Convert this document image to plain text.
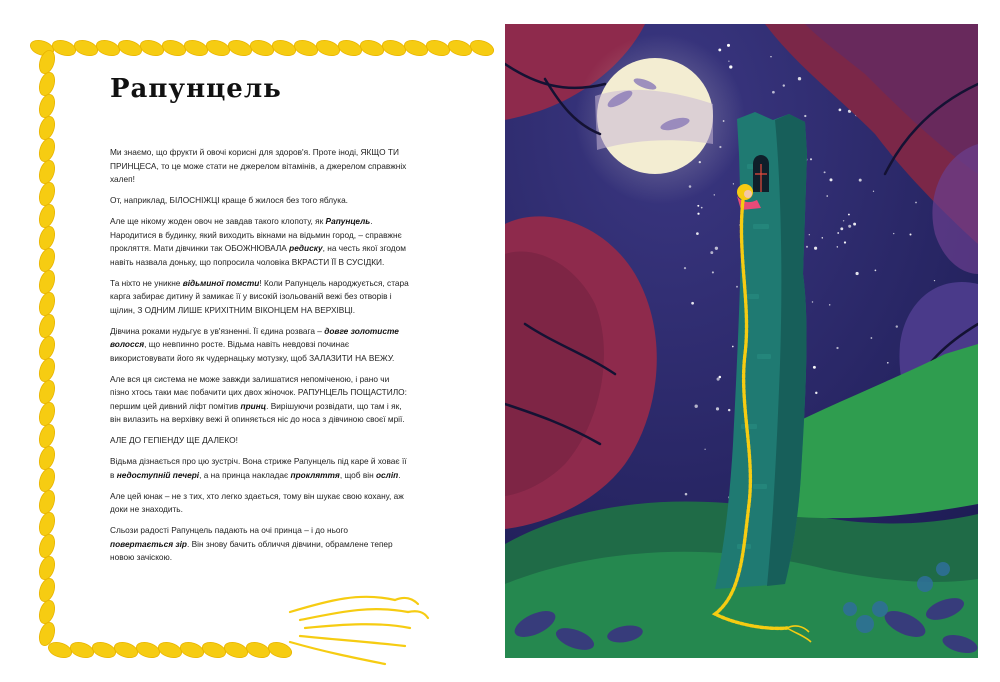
Рапунцель

Ми знаємо, що фрукти й овочі корисні для здоров'я. Проте іноді, ЯКЩО ТИ ПРИНЦЕСА, то це може стати не джерелом вітамінів, а джерелом справжніх халеп!

От, наприклад, БІЛОСНІЖЦІ краще б жилося без того яблука.

Але ще нікому жоден овоч не завдав такого клопоту, як Рапунцель. Народитися в будинку, який виходить вікнами на відьмин город, – справжнє прокляття. Мати дівчинки так ОБОЖНЮВАЛА редиску, на честь якої згодом навіть назвала доньку, що попросила чоловіка ВКРАСТИ ЇЇ В СУСІДКИ.

Та ніхто не уникне відьминої помсти! Коли Рапунцель народжується, стара карга забирає дитину й замикає її у високій ізольованій вежі без отворів і щілин, З ОДНИМ ЛИШЕ КРИХІТНИМ ВІКОНЦЕМ НА ВЕРХІВЦІ.

Дівчина роками нудьгує в ув'язненні. Її єдина розвага – довге золотисте волосся, що невпинно росте. Відьма навіть невдовзі починає використовувати його як чудернацьку мотузку, щоб ЗАЛАЗИТИ НА ВЕЖУ.

Але вся ця система не може завжди залишатися непоміченою, і рано чи пізно хтось таки має побачити цих двох жіночок. РАПУНЦЕЛЬ ПОЩАСТИЛО: першим цей дивний ліфт помітив принц. Вирішуючи розвідати, що там і як, він вилазить на верхівку вежі й опиняється ніс до носа з дівчиною своєї мрії.

АЛЕ ДО ГЕПІЕНДУ ЩЕ ДАЛЕКО!

Відьма дізнається про цю зустріч. Вона стриже Рапунцель під каре й ховає її в недоступній печері, а на принца накладає прокляття, щоб він осліп.

Але цей юнак – не з тих, хто легко здається, тому він шукає свою кохану, аж доки не знаходить.

Сльози радості Рапунцель падають на очі принца – і до нього повертається зір. Він знову бачить обличчя дівчини, обрамлене тепер новою зачіскою.
